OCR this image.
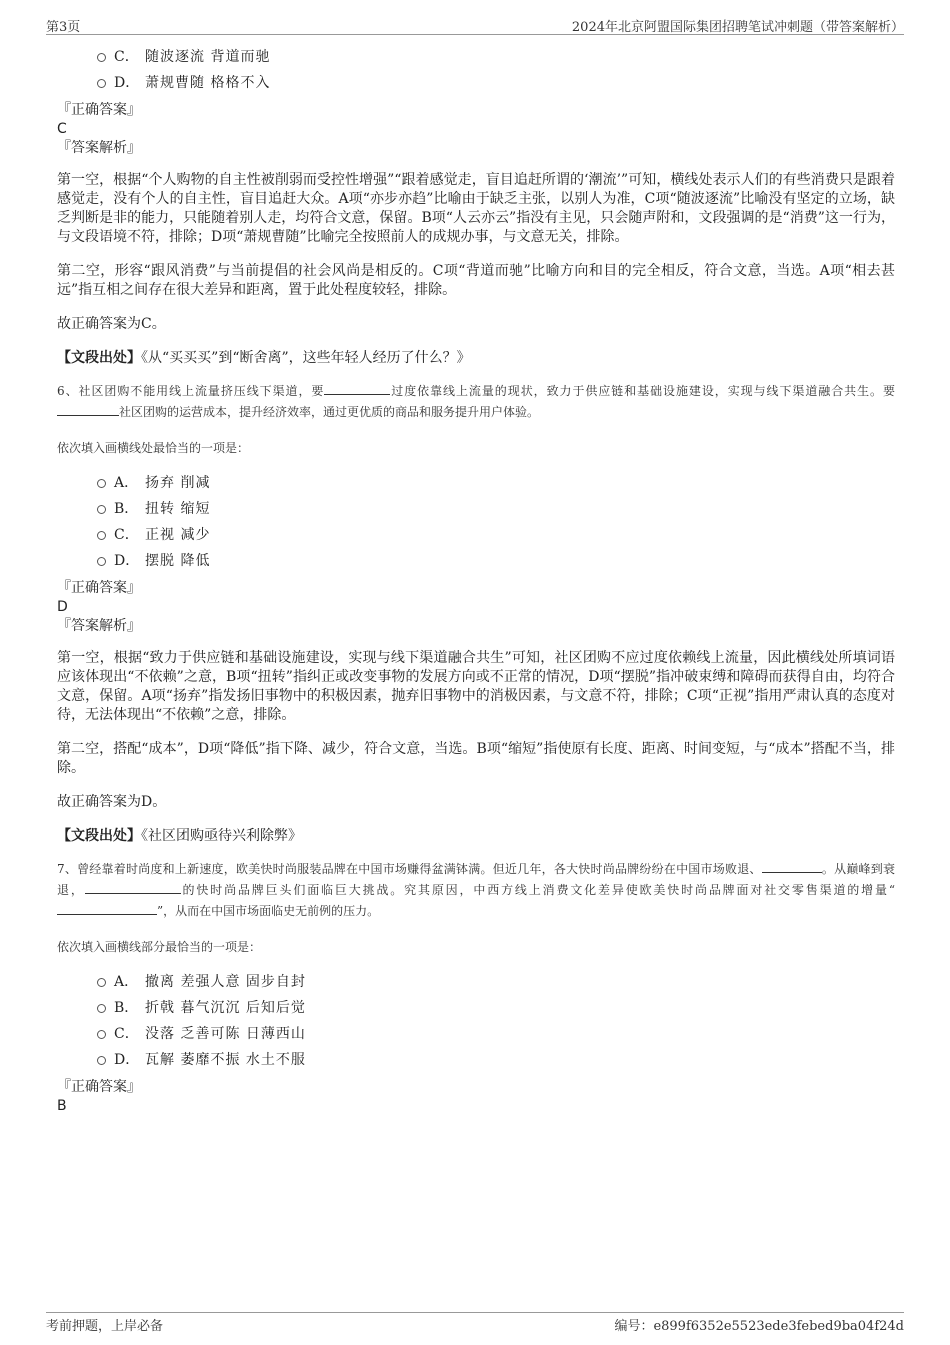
第3页	2024年北京阿盟国际集团招聘笔试冲刺题（带答案解析）
C． 随波逐流 背道而驰
D． 萧规曹随 格格不入

『正确答案』

C

『答案解析』

第一空，根据“个人购物的自主性被削弱而受控性增强”“跟着感觉走，盲目追赶所谓的‘潮流’”可知，横线处表示人们的有些消费只是跟着感觉走，没有个人的自主性，盲目追赶大众。A项“亦步亦趋”比喻由于缺乏主张，以别人为准，C项“随波逐流”比喻没有坚定的立场，缺乏判断是非的能力，只能随着别人走，均符合文意，保留。B项“人云亦云”指没有主见，只会随声附和，文段强调的是“消费”这一行为，与文段语境不符，排除；D项“萧规曹随”比喻完全按照前人的成规办事，与文意无关，排除。

第二空，形容“跟风消费”与当前提倡的社会风尚是相反的。C项“背道而驰”比喻方向和目的完全相反，符合文意，当选。A项“相去甚远”指互相之间存在很大差异和距离，置于此处程度较轻，排除。

故正确答案为C。

【文段出处】《从“买买买”到“断舍离”，这些年轻人经历了什么？》

6、社区团购不能用线上流量挤压线下渠道，要	过度依靠线上流量的现状，致力于供应链和基础设施建设，实现与线下渠道融合共生。要社区团购的运营成本，提升经济效率，通过更优质的商品和服务提升用户体验。

依次填入画横线处最恰当的一项是：

A． 扬弃 削减
B． 扭转 缩短
C． 正视 减少
D． 摆脱 降低

『正确答案』

D

『答案解析』

第一空，根据“致力于供应链和基础设施建设，实现与线下渠道融合共生”可知，社区团购不应过度依赖线上流量，因此横线处所填词语应该体现出“不依赖”之意，B项“扭转”指纠正或改变事物的发展方向或不正常的情况，D项“摆脱”指冲破束缚和障碍而获得自由，均符合文意，保留。A项“扬弃”指发扬旧事物中的积极因素，抛弃旧事物中的消极因素，与文意不符，排除；C项“正视”指用严肃认真的态度对待，无法体现出“不依赖”之意，排除。

第二空，搭配“成本”，D项“降低”指下降、减少，符合文意，当选。B项“缩短”指使原有长度、距离、时间变短，与“成本”搭配不当，排除。

故正确答案为D。

【文段出处】《社区团购亟待兴利除弊》

7、曾经靠着时尚度和上新速度，欧美快时尚服装品牌在中国市场赚得盆满钵满。但近几年，各大快时尚品牌纷纷在中国市场败退、	。从巅峰到衰退，	的快时尚品牌巨头们面临巨大挑战。究其原因，中西方线上消费文化差异使欧美快时尚品牌面对社交零售渠道的增量“”，从而在中国市场面临史无前例的压力。

依次填入画横线部分最恰当的一项是：

A． 撤离 差强人意 固步自封
B． 折戟 暮气沉沉 后知后觉
C． 没落 乏善可陈 日薄西山
D． 瓦解 萎靡不振 水土不服

『正确答案』

B
考前押题，上岸必备	编号：e899f6352e5523ede3febed9ba04f24d
